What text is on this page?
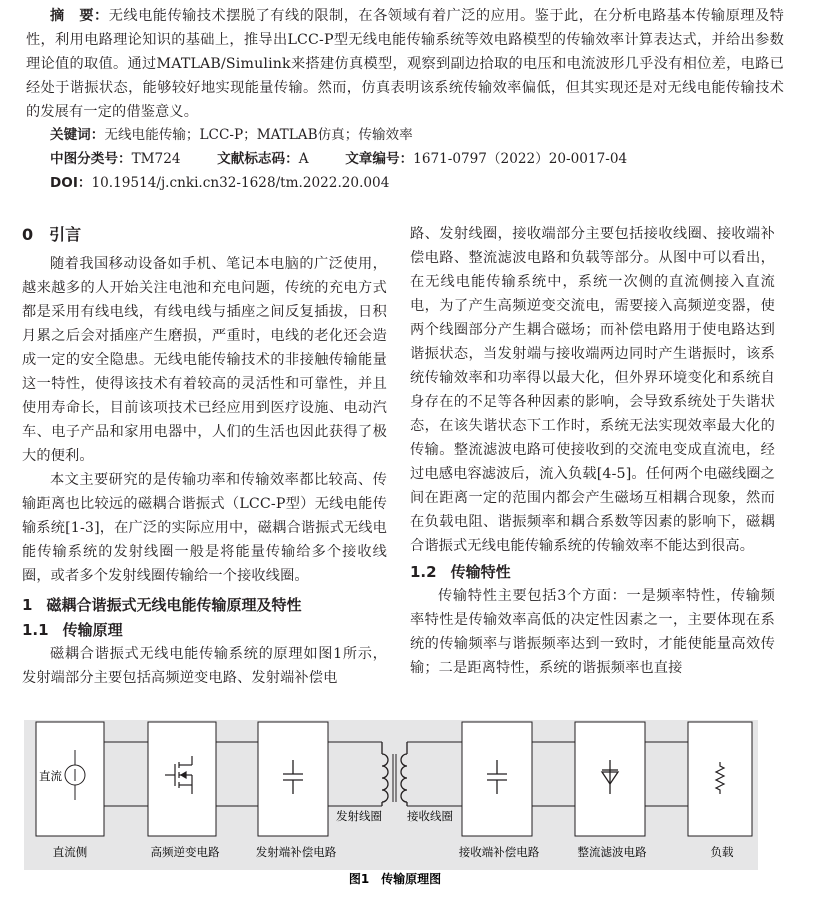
摘　要：无线电能传输技术摆脱了有线的限制，在各领域有着广泛的应用。鉴于此，在分析电路基本传输原理及特性，利用电路理论知识的基础上，推导出LCC-P型无线电能传输系统等效电路模型的传输效率计算表达式，并给出参数理论值的取值。通过MATLAB/Simulink来搭建仿真模型，观察到副边拾取的电压和电流波形几乎没有相位差，电路已经处于谐振状态，能够较好地实现能量传输。然而，仿真表明该系统传输效率偏低，但其实现还是对无线电能传输技术的发展有一定的借鉴意义。
关键词：无线电能传输；LCC-P；MATLAB仿真；传输效率
中图分类号：TM724	文献标志码：A	文章编号：1671-0797（2022）20-0017-04
DOI：10.19514/j.cnki.cn32-1628/tm.2022.20.004
0 引言
随着我国移动设备如手机、笔记本电脑的广泛使用，越来越多的人开始关注电池和充电问题，传统的充电方式都是采用有线电线，有线电线与插座之间反复插拔，日积月累之后会对插座产生磨损，严重时，电线的老化还会造成一定的安全隐患。无线电能传输技术的非接触传输能量这一特性，使得该技术有着较高的灵活性和可靠性，并且使用寿命长，目前该项技术已经应用到医疗设施、电动汽车、电子产品和家用电器中，人们的生活也因此获得了极大的便利。
本文主要研究的是传输功率和传输效率都比较高、传输距离也比较远的磁耦合谐振式（LCC-P型）无线电能传输系统[1-3]，在广泛的实际应用中，磁耦合谐振式无线电能传输系统的发射线圈一般是将能量传输给多个接收线圈，或者多个发射线圈传输给一个接收线圈。
1 磁耦合谐振式无线电能传输原理及特性
1.1 传输原理
磁耦合谐振式无线电能传输系统的原理如图1所示，发射端部分主要包括高频逆变电路、发射端补偿电
路、发射线圈，接收端部分主要包括接收线圈、接收端补偿电路、整流滤波电路和负载等部分。从图中可以看出，在无线电能传输系统中，系统一次侧的直流侧接入直流电，为了产生高频逆变交流电，需要接入高频逆变器，使两个线圈部分产生耦合磁场；而补偿电路用于使电路达到谐振状态，当发射端与接收端两边同时产生谐振时，该系统传输效率和功率得以最大化，但外界环境变化和系统自身存在的不足等各种因素的影响，会导致系统处于失谐状态，在该失谐状态下工作时，系统无法实现效率最大化的传输。整流滤波电路可使接收到的交流电变成直流电，经过电感电容滤波后，流入负载[4-5]。任何两个电磁线圈之间在距离一定的范围内都会产生磁场互相耦合现象，然而在负载电阻、谐振频率和耦合系数等因素的影响下，磁耦合谐振式无线电能传输系统的传输效率不能达到很高。
1.2 传输特性
传输特性主要包括3个方面：一是频率特性，传输频率特性是传输效率高低的决定性因素之一，主要体现在系统的传输频率与谐振频率达到一致时，才能使能量高效传输；二是距离特性，系统的谐振频率也直接
直流
发射线圈 接收线圈
直流侧	高频逆变电路	发射端补偿电路	接收端补偿电路	整流滤波电路	负载
图1　传输原理图
